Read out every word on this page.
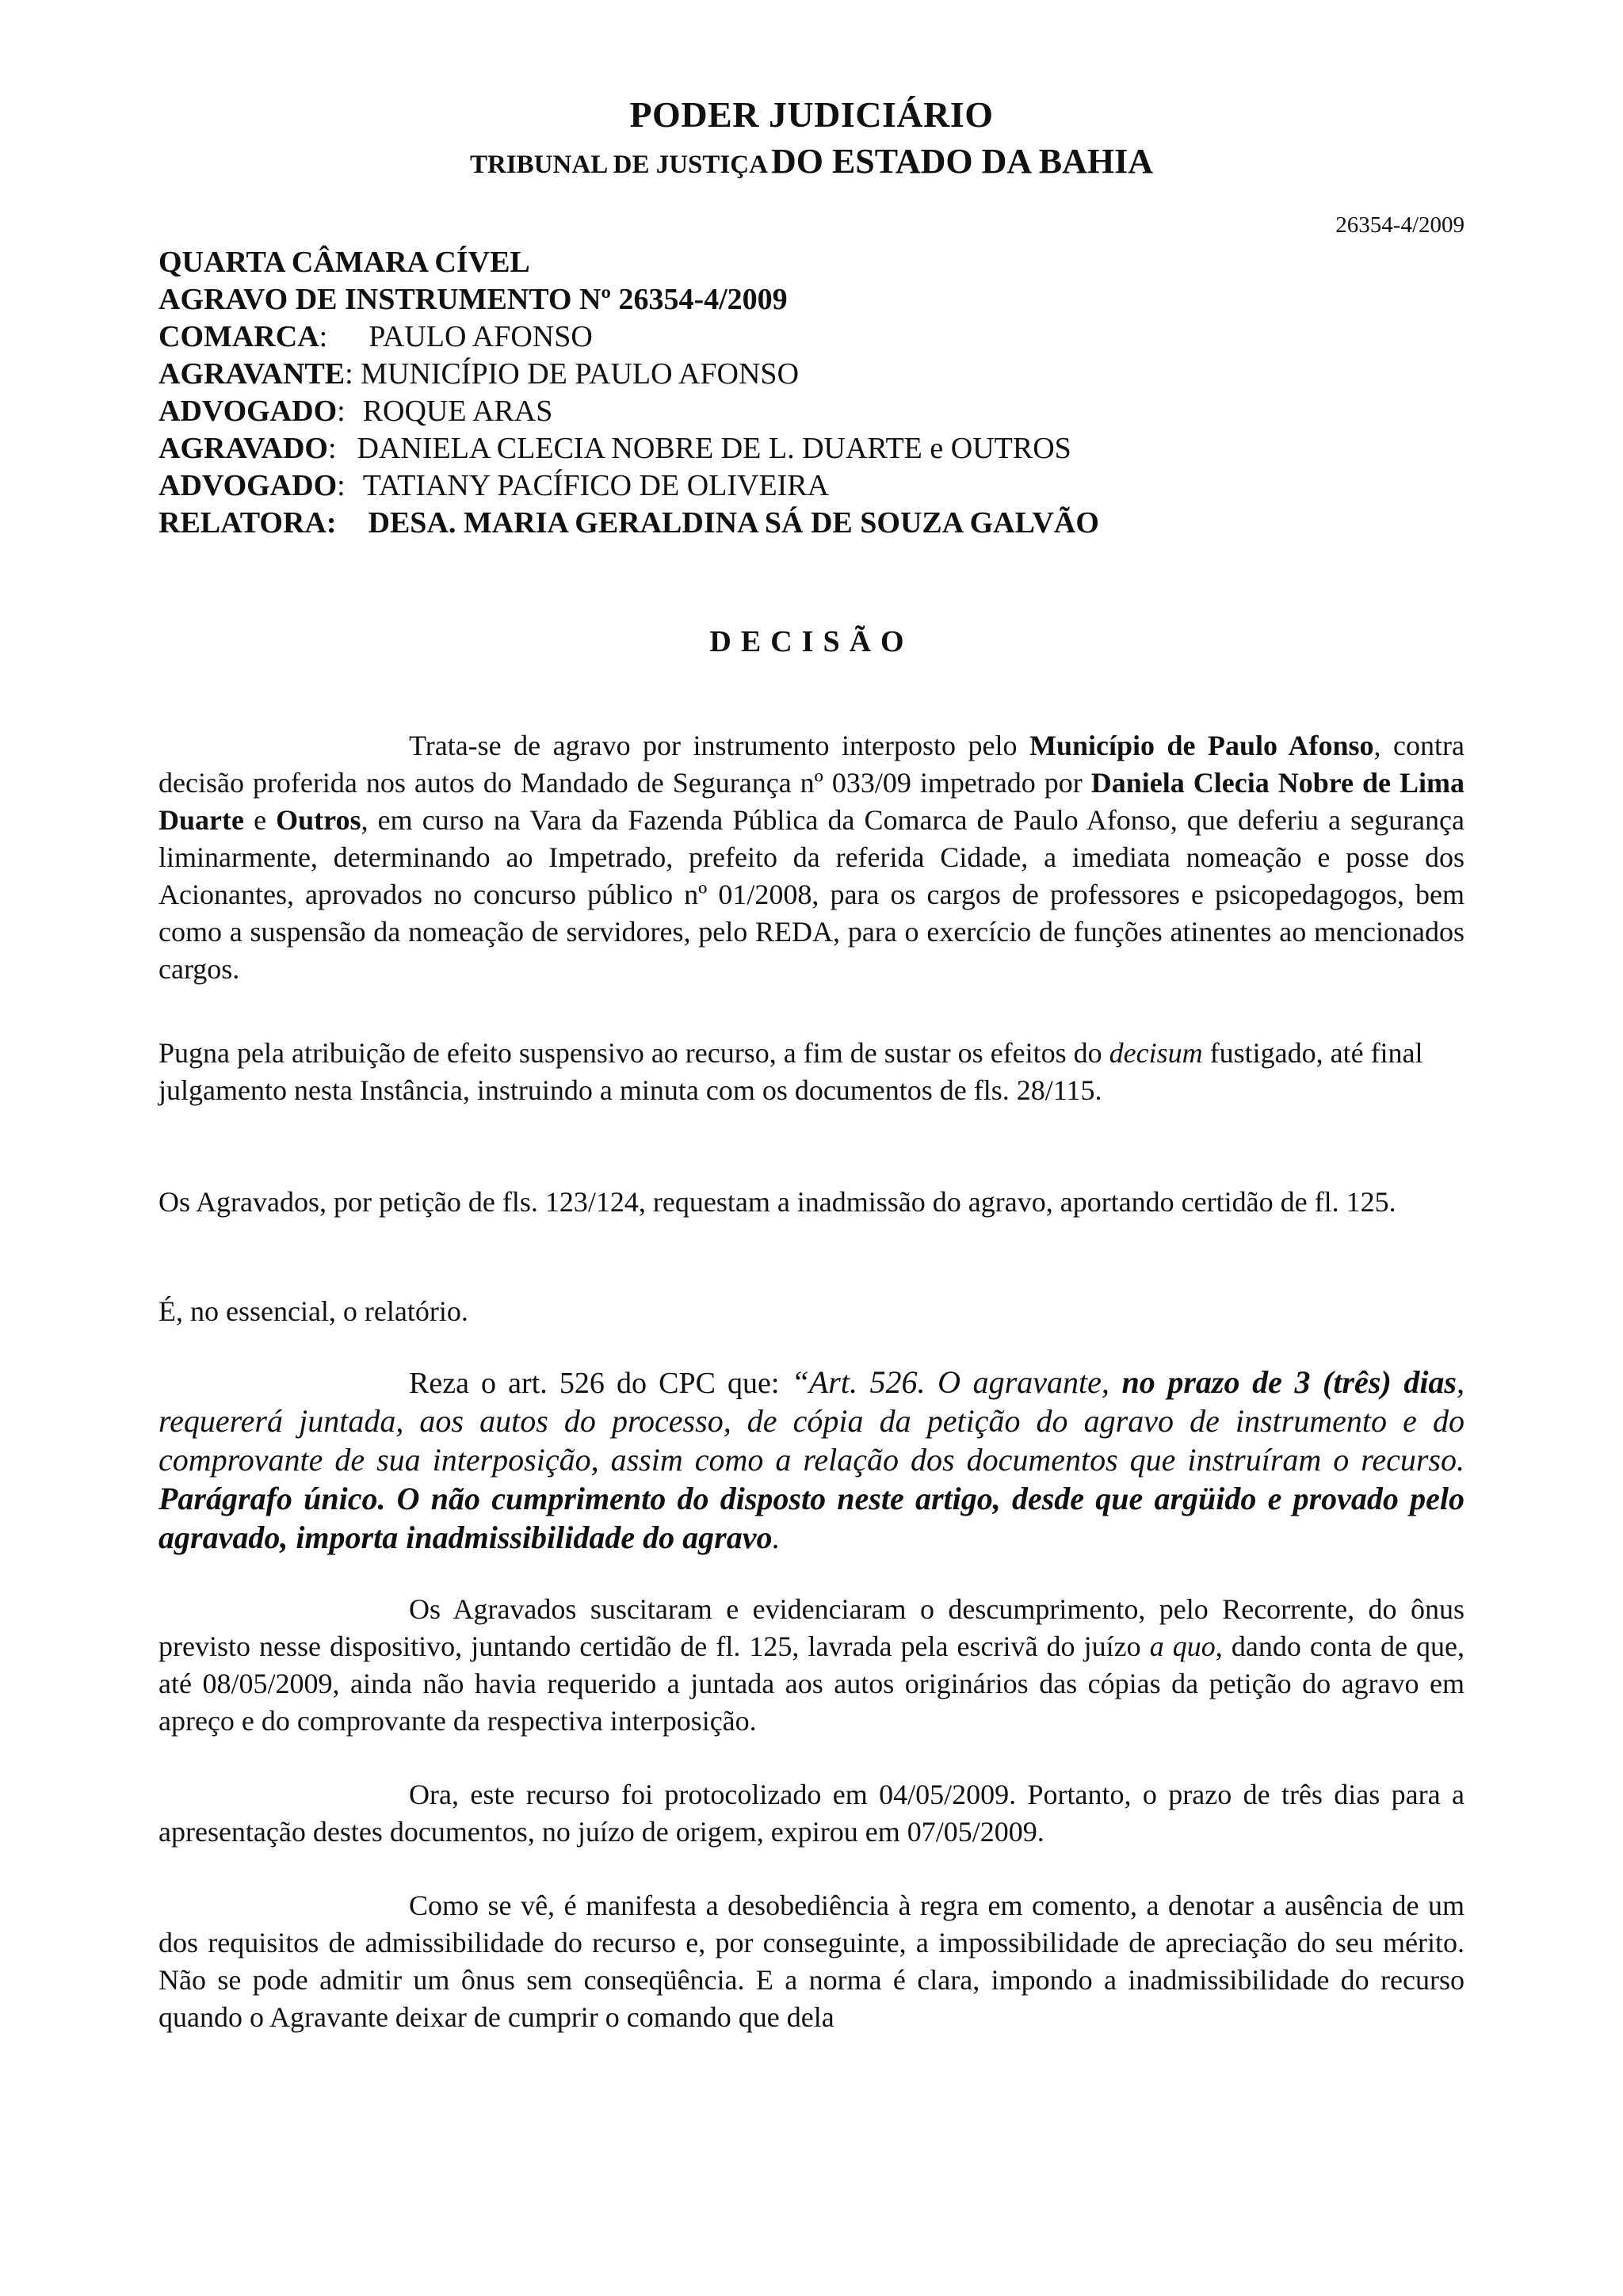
PODER JUDICIÁRIO
TRIBUNAL DE JUSTIÇA DO ESTADO DA BAHIA
26354-4/2009
QUARTA CÂMARA CÍVEL
AGRAVO DE INSTRUMENTO Nº 26354-4/2009
COMARCA: PAULO AFONSO
AGRAVANTE: MUNICÍPIO DE PAULO AFONSO
ADVOGADO: ROQUE ARAS
AGRAVADO: DANIELA CLECIA NOBRE DE L. DUARTE e OUTROS
ADVOGADO: TATIANY PACÍFICO DE OLIVEIRA
RELATORA: DESA. MARIA GERALDINA SÁ DE SOUZA GALVÃO
DECISÃO

Trata-se de agravo por instrumento interposto pelo Município de Paulo Afonso, contra decisão proferida nos autos do Mandado de Segurança nº 033/09 impetrado por Daniela Clecia Nobre de Lima Duarte e Outros, em curso na Vara da Fazenda Pública da Comarca de Paulo Afonso, que deferiu a segurança liminarmente, determinando ao Impetrado, prefeito da referida Cidade, a imediata nomeação e posse dos Acionantes, aprovados no concurso público nº 01/2008, para os cargos de professores e psicopedagogos, bem como a suspensão da nomeação de servidores, pelo REDA, para o exercício de funções atinentes ao mencionados cargos.

Pugna pela atribuição de efeito suspensivo ao recurso, a fim de sustar os efeitos do decisum fustigado, até final julgamento nesta Instância, instruindo a minuta com os documentos de fls. 28/115.

Os Agravados, por petição de fls. 123/124, requestam a inadmissão do agravo, aportando certidão de fl. 125.

É, no essencial, o relatório.

Reza o art. 526 do CPC que: “Art. 526. O agravante, no prazo de 3 (três) dias, requererá juntada, aos autos do processo, de cópia da petição do agravo de instrumento e do comprovante de sua interposição, assim como a relação dos documentos que instruíram o recurso. Parágrafo único. O não cumprimento do disposto neste artigo, desde que argüido e provado pelo agravado, importa inadmissibilidade do agravo.

Os Agravados suscitaram e evidenciaram o descumprimento, pelo Recorrente, do ônus previsto nesse dispositivo, juntando certidão de fl. 125, lavrada pela escrivã do juízo a quo, dando conta de que, até 08/05/2009, ainda não havia requerido a juntada aos autos originários das cópias da petição do agravo em apreço e do comprovante da respectiva interposição.

Ora, este recurso foi protocolizado em 04/05/2009. Portanto, o prazo de três dias para a apresentação destes documentos, no juízo de origem, expirou em 07/05/2009.

Como se vê, é manifesta a desobediência à regra em comento, a denotar a ausência de um dos requisitos de admissibilidade do recurso e, por conseguinte, a impossibilidade de apreciação do seu mérito. Não se pode admitir um ônus sem conseqüência. E a norma é clara, impondo a inadmissibilidade do recurso quando o Agravante deixar de cumprir o comando que dela
